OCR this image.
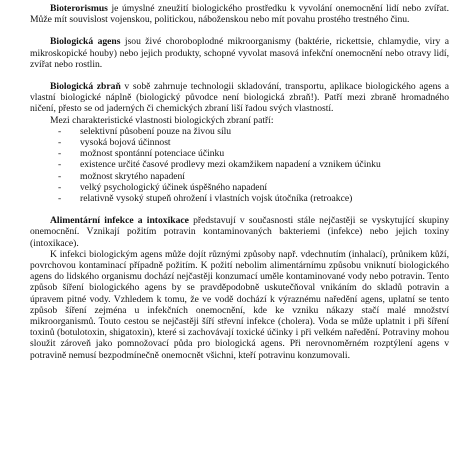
Bioterorismus je úmyslné zneužití biologického prostředku k vyvolání onemocnění lidí nebo zvířat. Může mít souvislost vojenskou, politickou, náboženskou nebo mít povahu prostého trestného činu.

Biologická agens jsou živé choroboplodné mikroorganismy (baktérie, rickettsie, chlamydie, viry a mikroskopické houby) nebo jejich produkty, schopné vyvolat masová infekční onemocnění nebo otravy lidí, zvířat nebo rostlin.

Biologická zbraň v sobě zahrnuje technologii skladování, transportu, aplikace biologického agens a vlastní biologické náplně (biologický původce není biologická zbraň!). Patří mezi zbraně hromadného ničení, přesto se od jaderných či chemických zbraní liší řadou svých vlastností.

Mezi charakteristické vlastnosti biologických zbraní patří:
- selektivní působení pouze na živou sílu
- vysoká bojová účinnost
- možnost spontánní potenciace účinku
- existence určité časové prodlevy mezi okamžikem napadení a vznikem účinku
- možnost skrytého napadení
- velký psychologický účinek úspěšného napadení
- relativně vysoký stupeň ohrožení i vlastních vojsk útočníka (retroakce)

Alimentární infekce a intoxikace představují v současnosti stále nejčastěji se vyskytující skupiny onemocnění. Vznikají požitím potravin kontaminovaných bakteriemi (infekce) nebo jejich toxiny (intoxikace).

K infekci biologickým agens může dojít různými způsoby např. vdechnutím (inhalací), průnikem kůží, povrchovou kontaminací případně požitím. K požití nebolim alimentárnímu způsobu vniknutí biologického agens do lidského organismu dochází nejčastěji konzumací uměle kontaminované vody nebo potravin. Tento způsob šíření biologického agens by se pravděpodobně uskutečňoval vnikáním do skladů potravin a úpravem pitné vody. Vzhledem k tomu, že ve vodě dochází k výraznému naředění agens, uplatní se tento způsob šíření zejména u infekčních onemocnění, kde ke vzniku nákazy stačí malé množství mikroorganismů. Touto cestou se nejčastěji šíří střevní infekce (cholera). Voda se může uplatnit i při šíření toxinů (botulotoxin, shigatoxin), které si zachovávají toxické účinky i při velkém naředění. Potraviny mohou sloužit zároveň jako pomnožovací půda pro biologická agens. Při nerovnoměrném rozptýlení agens v potravině nemusí bezpodmínečně onemocnět všichni, kteří potravinu konzumovali.
